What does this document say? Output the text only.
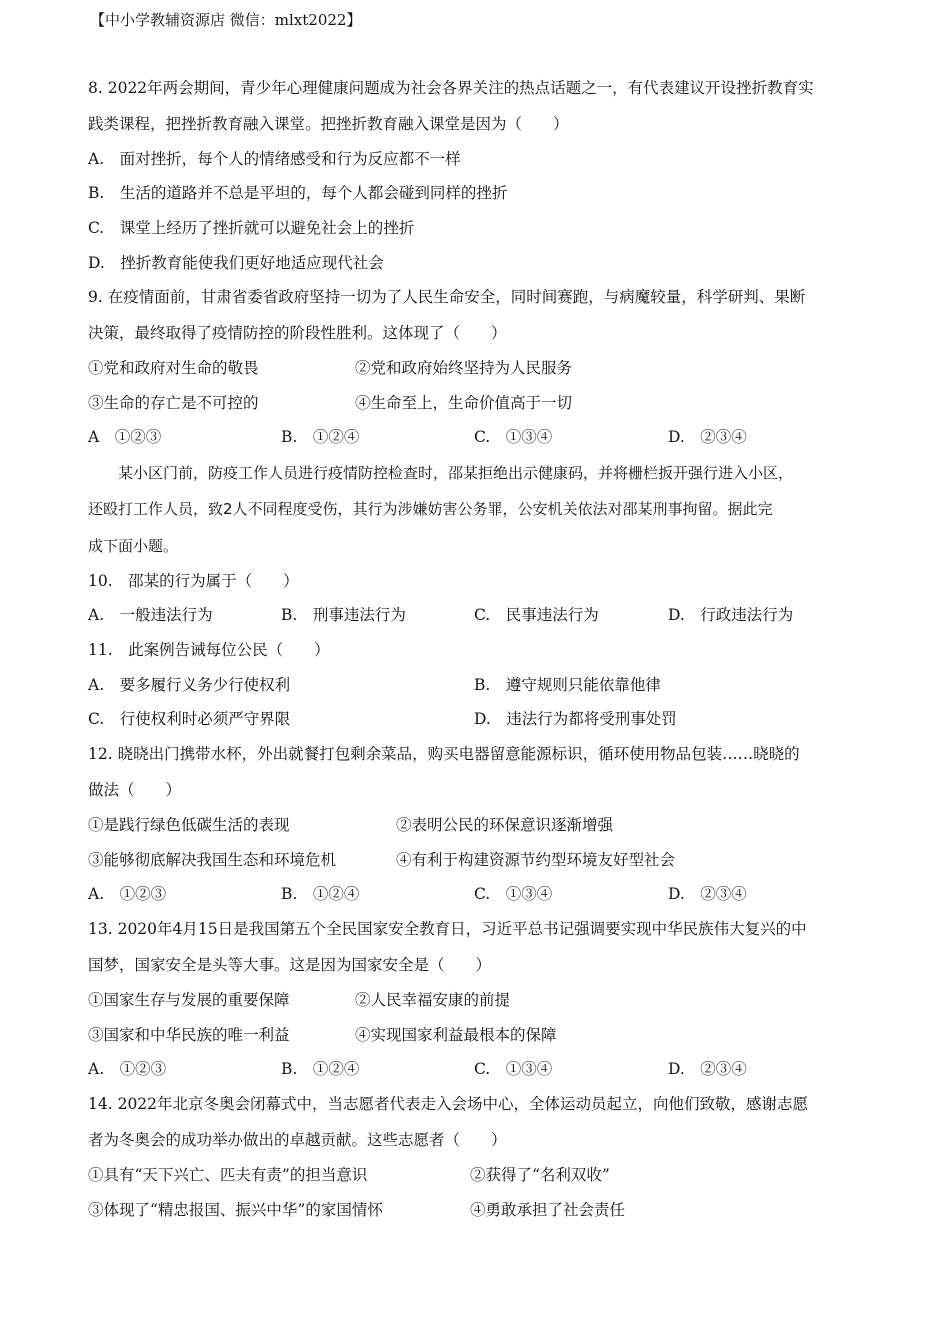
【中小学教辅资源店 微信：mlxt2022】
8. 2022年两会期间，青少年心理健康问题成为社会各界关注的热点话题之一，有代表建议开设挫折教育实
践类课程，把挫折教育融入课堂。把挫折教育融入课堂是因为（　　）
A.　面对挫折，每个人的情绪感受和行为反应都不一样
B.　生活的道路并不总是平坦的，每个人都会碰到同样的挫折
C.　课堂上经历了挫折就可以避免社会上的挫折
D.　挫折教育能使我们更好地适应现代社会
9. 在疫情面前，甘肃省委省政府坚持一切为了人民生命安全，同时间赛跑，与病魔较量，科学研判、果断
决策，最终取得了疫情防控的阶段性胜利。这体现了（　　）
①党和政府对生命的敬畏	②党和政府始终坚持为人民服务
③生命的存亡是不可控的	④生命至上，生命价值高于一切
A　①②③	B.　①②④	C.　①③④	D.　②③④
某小区门前，防疫工作人员进行疫情防控检查时，邵某拒绝出示健康码，并将栅栏扳开强行进入小区，
还殴打工作人员，致2人不同程度受伤，其行为涉嫌妨害公务罪，公安机关依法对邵某刑事拘留。据此完
成下面小题。
10.　邵某的行为属于（　　）
A.　一般违法行为	B.　刑事违法行为	C.　民事违法行为	D.　行政违法行为
11.　此案例告诫每位公民（　　）
A.　要多履行义务少行使权利	B.　遵守规则只能依靠他律
C.　行使权利时必须严守界限	D.　违法行为都将受刑事处罚
12. 晓晓出门携带水杯，外出就餐打包剩余菜品，购买电器留意能源标识，循环使用物品包装……晓晓的
做法（　　）
①是践行绿色低碳生活的表现	②表明公民的环保意识逐渐增强
③能够彻底解决我国生态和环境危机	④有利于构建资源节约型环境友好型社会
A.　①②③	B.　①②④	C.　①③④	D.　②③④
13. 2020年4月15日是我国第五个全民国家安全教育日，习近平总书记强调要实现中华民族伟大复兴的中
国梦，国家安全是头等大事。这是因为国家安全是（　　）
①国家生存与发展的重要保障	②人民幸福安康的前提
③国家和中华民族的唯一利益	④实现国家利益最根本的保障
A.　①②③	B.　①②④	C.　①③④	D.　②③④
14. 2022年北京冬奥会闭幕式中，当志愿者代表走入会场中心，全体运动员起立，向他们致敬，感谢志愿
者为冬奥会的成功举办做出的卓越贡献。这些志愿者（　　）
①具有“天下兴亡、匹夫有责”的担当意识	②获得了“名利双收”
③体现了“精忠报国、振兴中华”的家国情怀	④勇敢承担了社会责任
